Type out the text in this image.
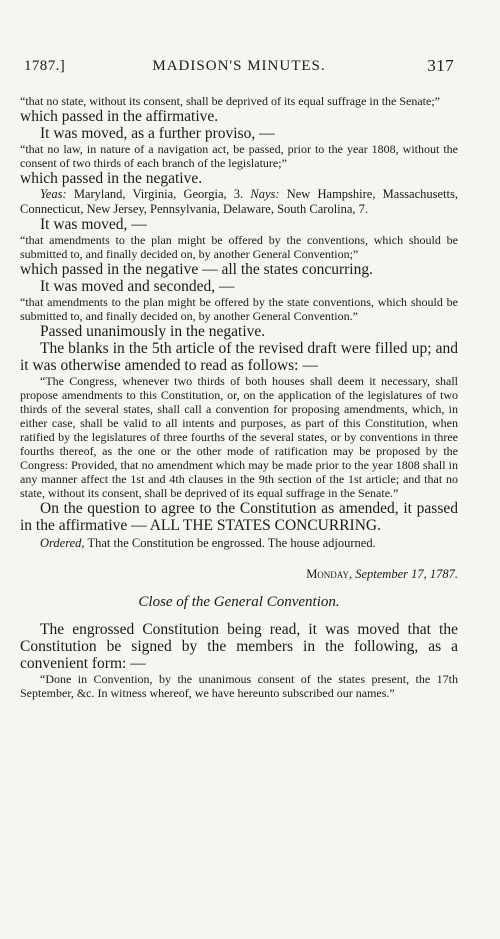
1787.]	MADISON'S MINUTES.	317

“that no state, without its consent, shall be deprived of its equal suffrage in the Senate;”

which passed in the affirmative.

It was moved, as a further proviso, —

“that no law, in nature of a navigation act, be passed, prior to the year 1808, without the consent of two thirds of each branch of the legislature;”

which passed in the negative.

Yeas: Maryland, Virginia, Georgia, 3. Nays: New Hampshire, Massachusetts, Connecticut, New Jersey, Pennsylvania, Delaware, South Carolina, 7.

It was moved, —

“that amendments to the plan might be offered by the conventions, which should be submitted to, and finally decided on, by another General Convention;”

which passed in the negative — all the states concurring.

It was moved and seconded, —

“that amendments to the plan might be offered by the state conventions, which should be submitted to, and finally decided on, by another General Convention.”

Passed unanimously in the negative.

The blanks in the 5th article of the revised draft were filled up; and it was otherwise amended to read as follows: —

“The Congress, whenever two thirds of both houses shall deem it necessary, shall propose amendments to this Constitution, or, on the application of the legislatures of two thirds of the several states, shall call a convention for proposing amendments, which, in either case, shall be valid to all intents and purposes, as part of this Constitution, when ratified by the legislatures of three fourths of the several states, or by conventions in three fourths thereof, as the one or the other mode of ratification may be proposed by the Congress: Provided, that no amendment which may be made prior to the year 1808 shall in any manner affect the 1st and 4th clauses in the 9th section of the 1st article; and that no state, without its consent, shall be deprived of its equal suffrage in the Senate.”

On the question to agree to the Constitution as amended, it passed in the affirmative — ALL THE STATES CONCURRING.

Ordered, That the Constitution be engrossed. The house adjourned.

Monday, September 17, 1787.

Close of the General Convention.

The engrossed Constitution being read, it was moved that the Constitution be signed by the members in the following, as a convenient form: —

“Done in Convention, by the unanimous consent of the states present, the 17th September, &c. In witness whereof, we have hereunto subscribed our names.”
